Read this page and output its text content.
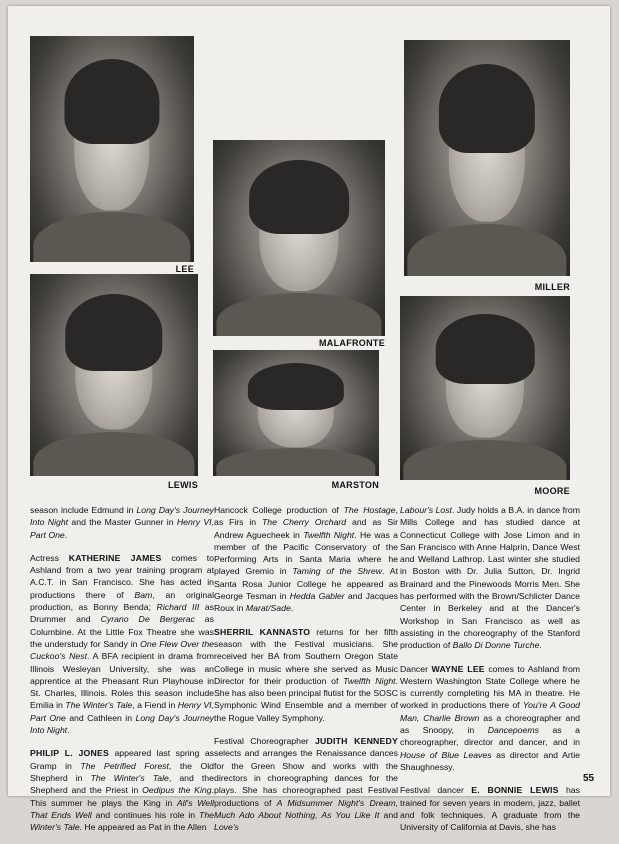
LEE
LEWIS
MALAFRONTE
MARSTON
MILLER
MOORE

season include Edmund in Long Day's Journey Into Night and the Master Gunner in Henry VI, Part One.

Actress KATHERINE JAMES comes to Ashland from a two year training program at A.C.T. in San Francisco. She has acted in productions there of Bam, an original production, as Bonny Benda; Richard III as Drummer and Cyrano De Bergerac as Columbine. At the Little Fox Theatre she was the understudy for Sandy in One Flew Over the Cuckoo's Nest. A BFA recipient in drama from Illinois Wesleyan University, she was an apprentice at the Pheasant Run Playhouse in St. Charles, Illinois. Roles this season include Emilia in The Winter's Tale, a Fiend in Henry VI, Part One and Cathleen in Long Day's Journey Into Night.

PHILIP L. JONES appeared last spring as Gramp in The Petrified Forest, the Old Shepherd in The Winter's Tale, and the Shepherd and the Priest in Oedipus the King. This summer he plays the King in All's Well That Ends Well and continues his role in The Winter's Tale. He appeared as Pat in the Allen

Hancock College production of The Hostage, as Firs in The Cherry Orchard and as Sir Andrew Aguecheek in Twelfth Night. He was a member of the Pacific Conservatory of the Performing Arts in Santa Maria where he played Gremio in Taming of the Shrew. At Santa Rosa Junior College he appeared as George Tesman in Hedda Gabler and Jacques Roux in Marat/Sade.

SHERRIL KANNASTO returns for her fifth season with the Festival musicians. She received her BA from Southern Oregon State College in music where she served as Music Director for their production of Twelfth Night. She has also been principal flutist for the SOSC Symphonic Wind Ensemble and a member of the Rogue Valley Symphony.

Festival Choreographer JUDITH KENNEDY selects and arranges the Renaissance dances for the Green Show and works with the directors in choreographing dances for the plays. She has choreographed past Festival productions of A Midsummer Night's Dream, Much Ado About Nothing, As You Like It and Love's

Labour's Lost. Judy holds a B.A. in dance from Mills College and has studied dance at Connecticut College with Jose Limon and in San Francisco with Anne Halprin, Dance West and Welland Lathrop. Last winter she studied in Boston with Dr. Julia Sutton, Dr. Ingrid Brainard and the Pinewoods Morris Men. She has performed with the Brown/Schlicter Dance Center in Berkeley and at the Dancer's Workshop in San Francisco as well as assisting in the choreography of the Stanford production of Ballo Di Donne Turche.

Dancer WAYNE LEE comes to Ashland from Western Washington State College where he is currently completing his MA in theatre. He worked in productions there of You're A Good Man, Charlie Brown as a choreographer and as Snoopy, in Dancepoems as a choreographer, director and dancer, and in House of Blue Leaves as director and Artie Shaughnessy.

Festival dancer E. BONNIE LEWIS has trained for seven years in modern, jazz, ballet and folk techniques. A graduate from the University of California at Davis, she has

55
